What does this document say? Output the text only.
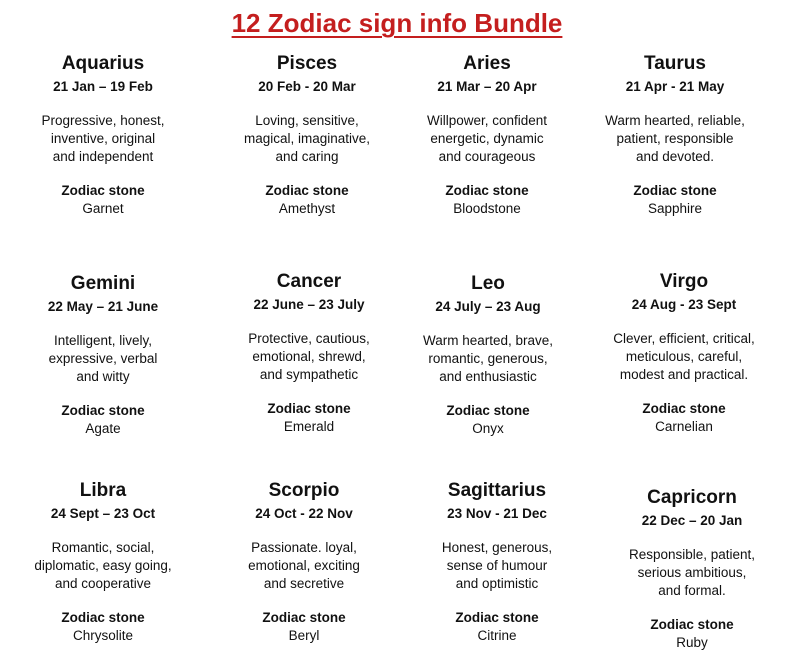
12 Zodiac sign info Bundle
Aquarius
21 Jan – 19 Feb
Progressive, honest,
inventive, original
and independent
Zodiac stone
Garnet
Pisces
20 Feb - 20 Mar
Loving, sensitive,
magical, imaginative,
and caring
Zodiac stone
Amethyst
Aries
21 Mar – 20 Apr
Willpower, confident
energetic, dynamic
and courageous
Zodiac stone
Bloodstone
Taurus
21 Apr - 21 May
Warm hearted, reliable,
patient, responsible
and devoted.
Zodiac stone
Sapphire
Gemini
22 May – 21 June
Intelligent, lively,
expressive, verbal
and witty
Zodiac stone
Agate
Cancer
22 June – 23 July
Protective, cautious,
emotional, shrewd,
and sympathetic
Zodiac stone
Emerald
Leo
24 July – 23 Aug
Warm hearted, brave,
romantic, generous,
and enthusiastic
Zodiac stone
Onyx
Virgo
24 Aug - 23 Sept
Clever, efficient, critical,
meticulous, careful,
modest and practical.
Zodiac stone
Carnelian
Libra
24 Sept – 23 Oct
Romantic, social,
diplomatic, easy going,
and cooperative
Zodiac stone
Chrysolite
Scorpio
24 Oct - 22 Nov
Passionate. loyal,
emotional, exciting
and secretive
Zodiac stone
Beryl
Sagittarius
23 Nov - 21 Dec
Honest, generous,
sense of humour
and optimistic
Zodiac stone
Citrine
Capricorn
22 Dec – 20 Jan
Responsible, patient,
serious ambitious,
and formal.
Zodiac stone
Ruby
